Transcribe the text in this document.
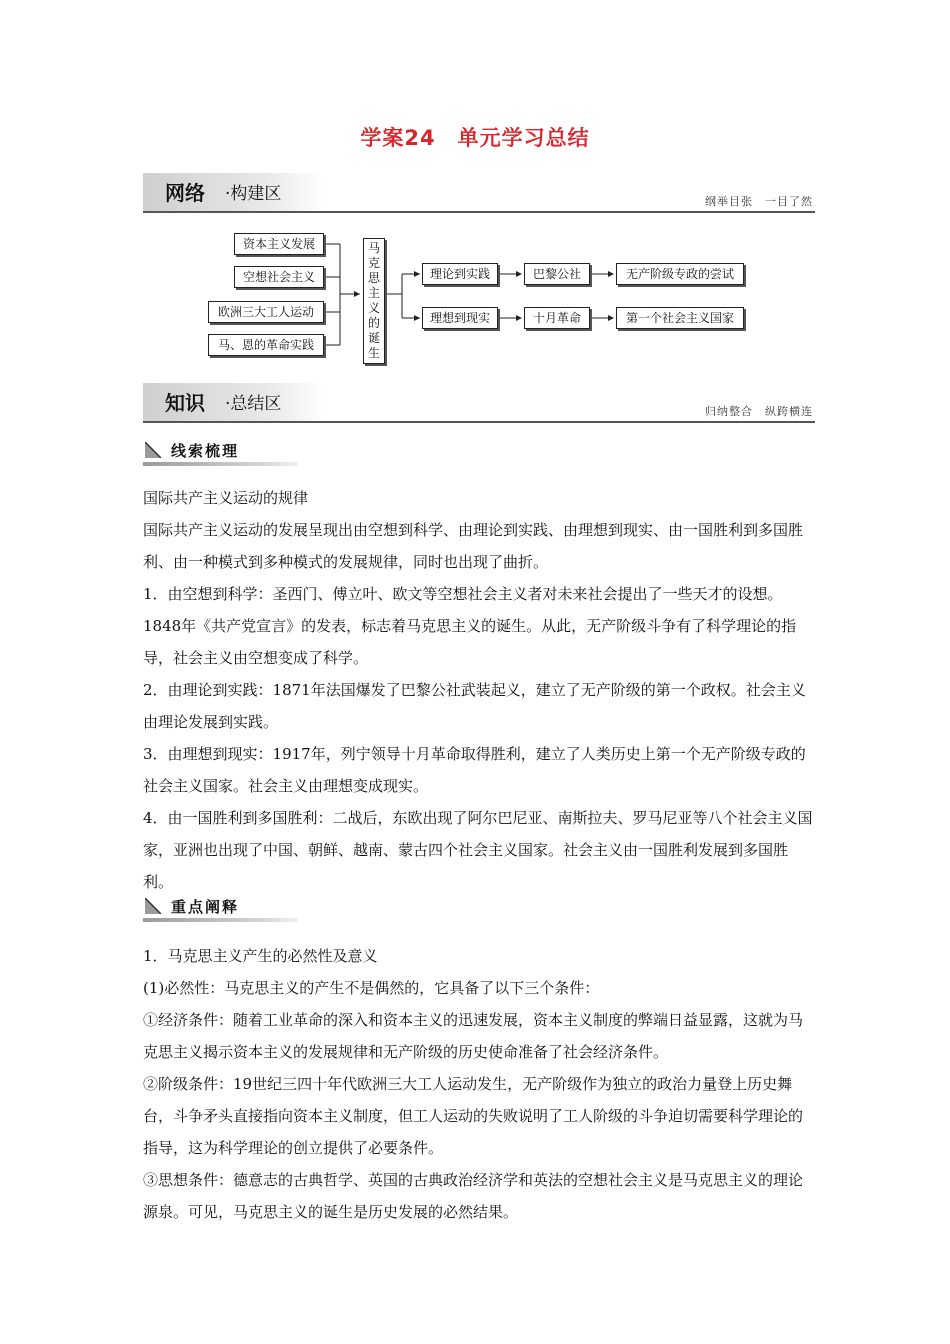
学案24　单元学习总结
网络 ·构建区	纲举目张　一目了然
资本主义发展
空想社会主义
欧洲三大工人运动
马、恩的革命实践
马克思主义的诞生
理论到实践	巴黎公社	无产阶级专政的尝试
理想到现实	十月革命	第一个社会主义国家
知识 ·总结区	归纳整合　纵跨横连
线索梳理

国际共产主义运动的规律

国际共产主义运动的发展呈现出由空想到科学、由理论到实践、由理想到现实、由一国胜利到多国胜利、由一种模式到多种模式的发展规律，同时也出现了曲折。

1．由空想到科学：圣西门、傅立叶、欧文等空想社会主义者对未来社会提出了一些天才的设想。1848年《共产党宣言》的发表，标志着马克思主义的诞生。从此，无产阶级斗争有了科学理论的指导，社会主义由空想变成了科学。

2．由理论到实践：1871年法国爆发了巴黎公社武装起义，建立了无产阶级的第一个政权。社会主义由理论发展到实践。

3．由理想到现实：1917年，列宁领导十月革命取得胜利，建立了人类历史上第一个无产阶级专政的社会主义国家。社会主义由理想变成现实。

4．由一国胜利到多国胜利：二战后，东欧出现了阿尔巴尼亚、南斯拉夫、罗马尼亚等八个社会主义国家，亚洲也出现了中国、朝鲜、越南、蒙古四个社会主义国家。社会主义由一国胜利发展到多国胜利。

重点阐释

1．马克思主义产生的必然性及意义

(1)必然性：马克思主义的产生不是偶然的，它具备了以下三个条件：

①经济条件：随着工业革命的深入和资本主义的迅速发展，资本主义制度的弊端日益显露，这就为马克思主义揭示资本主义的发展规律和无产阶级的历史使命准备了社会经济条件。

②阶级条件：19世纪三四十年代欧洲三大工人运动发生，无产阶级作为独立的政治力量登上历史舞台，斗争矛头直接指向资本主义制度，但工人运动的失败说明了工人阶级的斗争迫切需要科学理论的指导，这为科学理论的创立提供了必要条件。

③思想条件：德意志的古典哲学、英国的古典政治经济学和英法的空想社会主义是马克思主义的理论源泉。可见，马克思主义的诞生是历史发展的必然结果。
